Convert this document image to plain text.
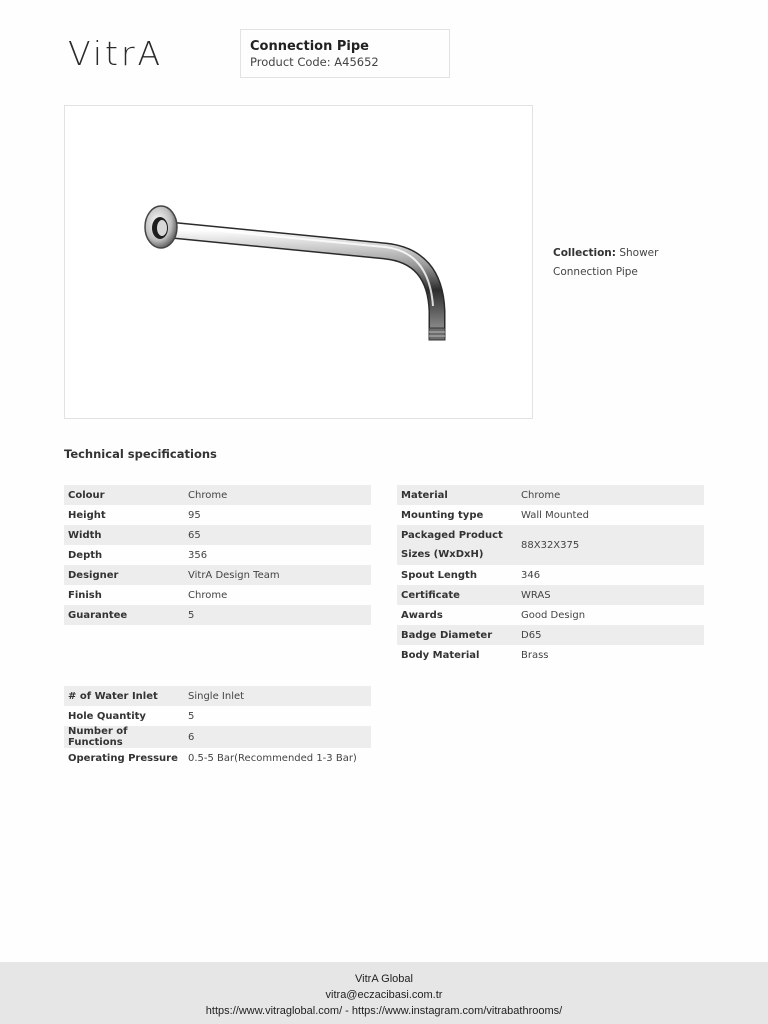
VitrA	Connection Pipe
Product Code: A45652
Collection: Shower Connection Pipe
Technical specifications
Colour	Chrome
Height	95
Width	65
Depth	356
Designer	VitrA Design Team
Finish	Chrome
Guarantee	5
Material	Chrome
Mounting type	Wall Mounted
Packaged Product Sizes (WxDxH)	88X32X375
Spout Length	346
Certificate	WRAS
Awards	Good Design
Badge Diameter	D65
Body Material	Brass
# of Water Inlet	Single Inlet
Hole Quantity	5
Number of Functions	6
Operating Pressure	0.5-5 Bar(Recommended 1-3 Bar)
VitrA Global
vitra@eczacibasi.com.tr
https://www.vitraglobal.com/ - https://www.instagram.com/vitrabathrooms/
